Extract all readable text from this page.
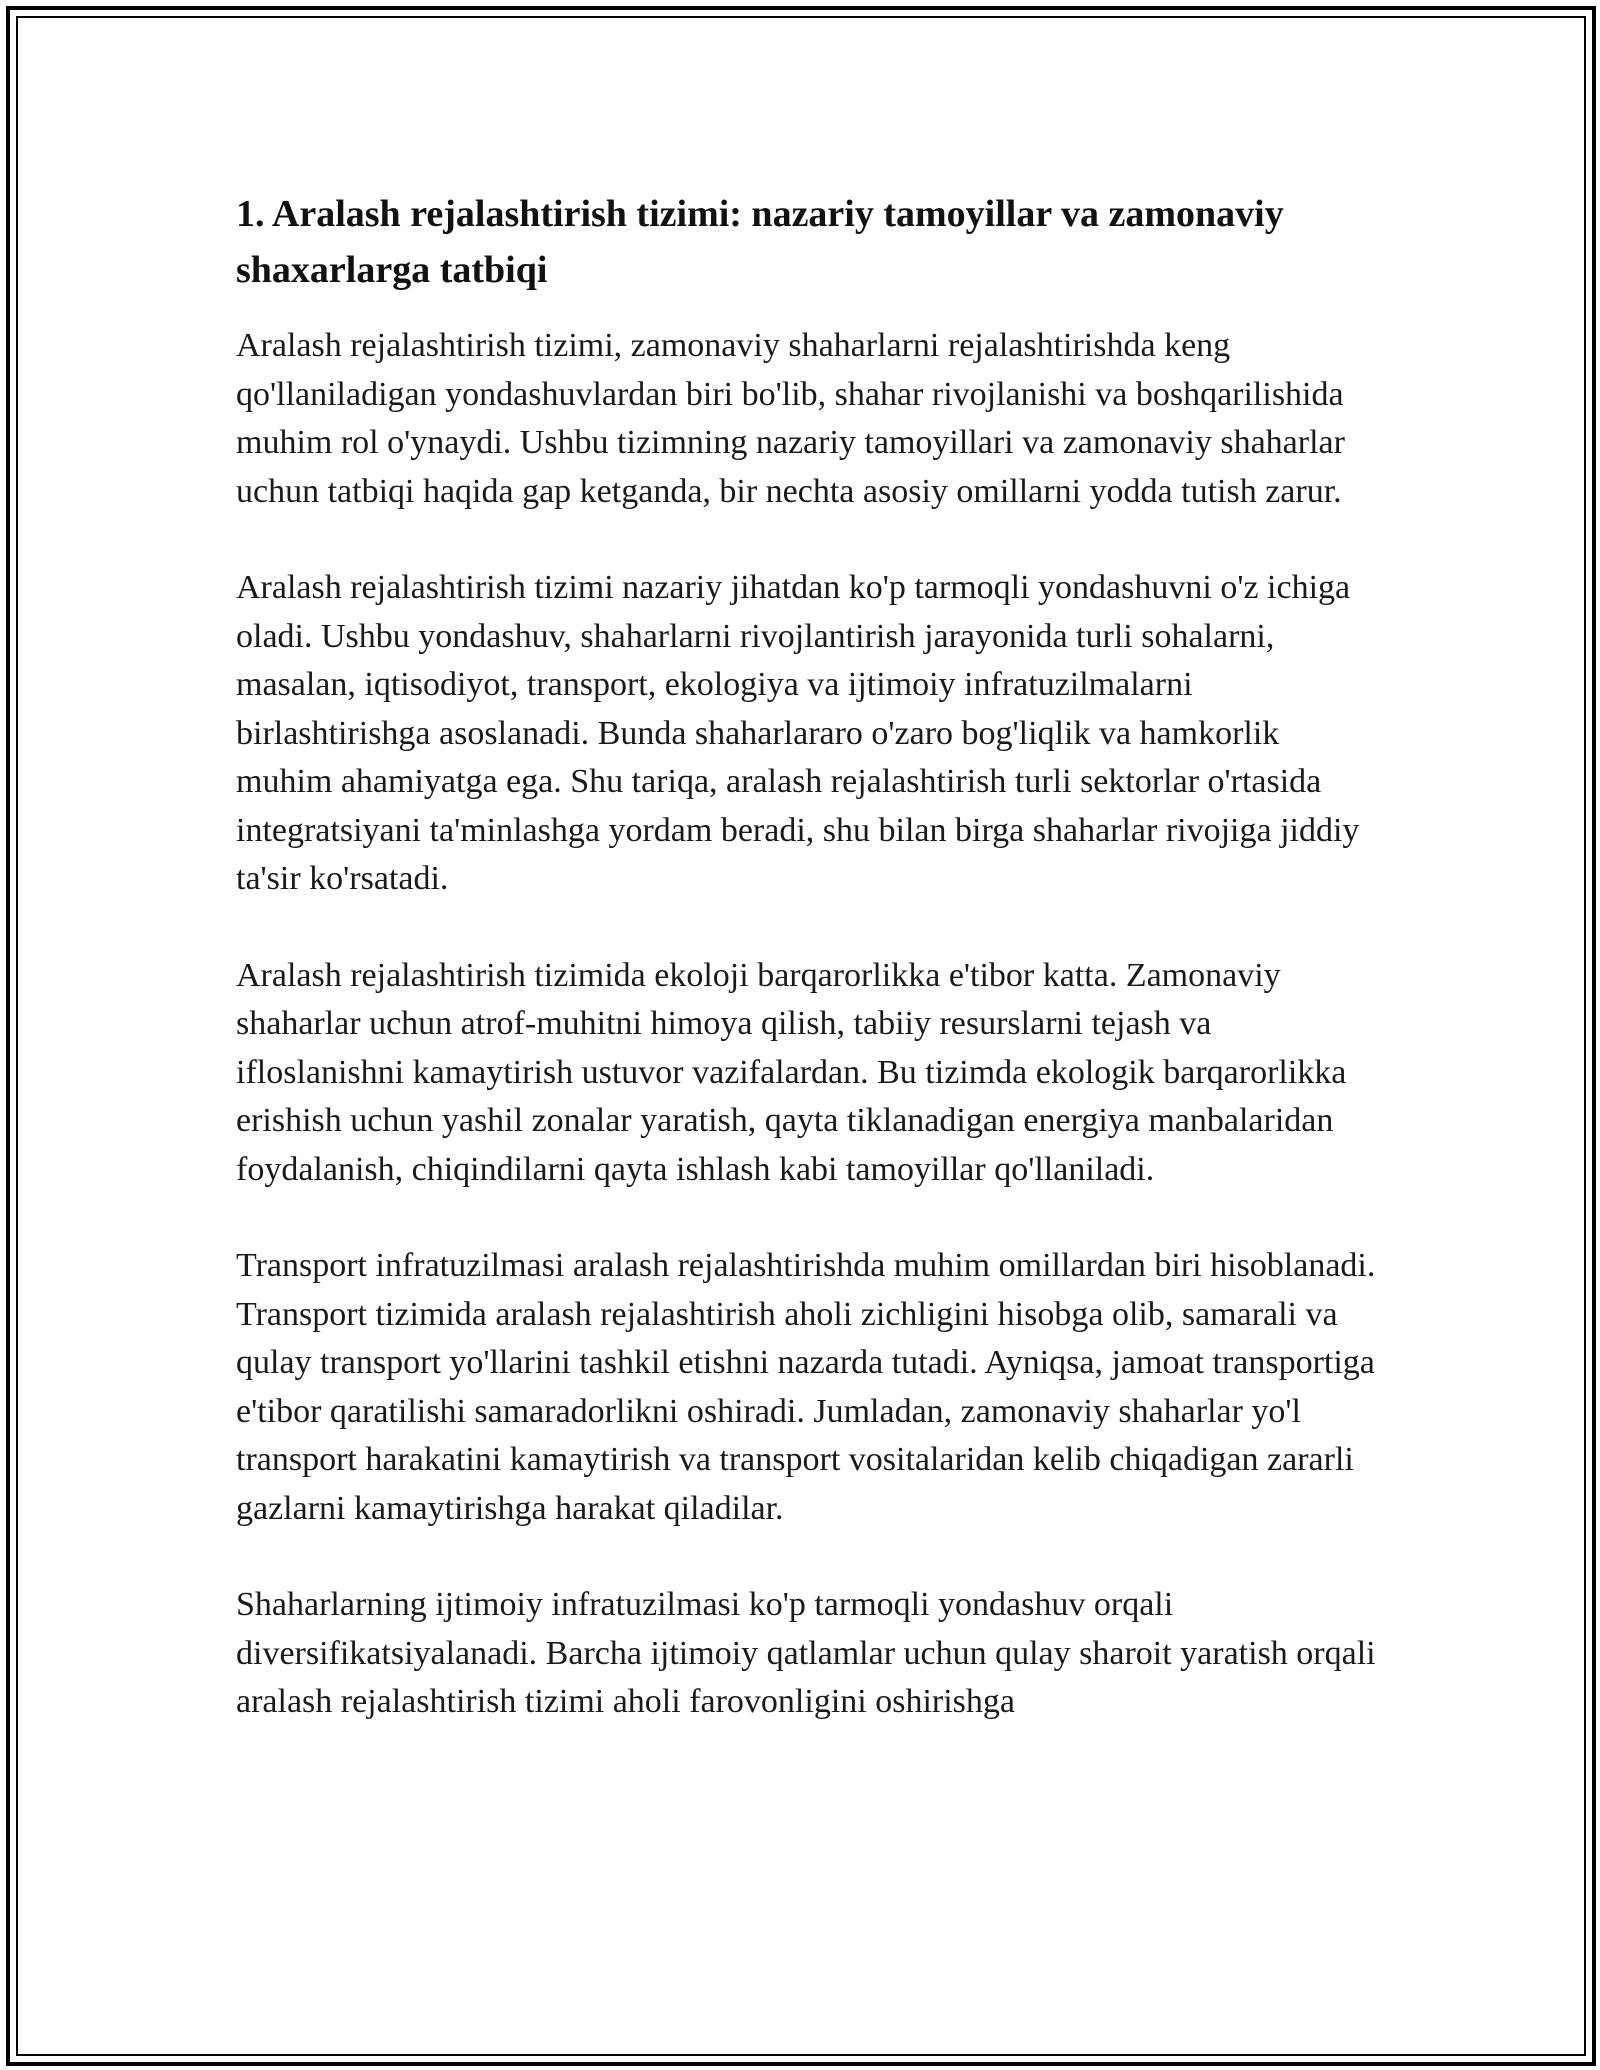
1. Aralash rejalashtirish tizimi: nazariy tamoyillar va zamonaviy shaxarlarga tatbiqi

Aralash rejalashtirish tizimi, zamonaviy shaharlarni rejalashtirishda keng qo'llaniladigan yondashuvlardan biri bo'lib, shahar rivojlanishi va boshqarilishida muhim rol o'ynaydi. Ushbu tizimning nazariy tamoyillari va zamonaviy shaharlar uchun tatbiqi haqida gap ketganda, bir nechta asosiy omillarni yodda tutish zarur.

Aralash rejalashtirish tizimi nazariy jihatdan ko'p tarmoqli yondashuvni o'z ichiga oladi. Ushbu yondashuv, shaharlarni rivojlantirish jarayonida turli sohalarni, masalan, iqtisodiyot, transport, ekologiya va ijtimoiy infratuzilmalarni birlashtirishga asoslanadi. Bunda shaharlararo o'zaro bog'liqlik va hamkorlik muhim ahamiyatga ega. Shu tariqa, aralash rejalashtirish turli sektorlar o'rtasida integratsiyani ta'minlashga yordam beradi, shu bilan birga shaharlar rivojiga jiddiy ta'sir ko'rsatadi.

Aralash rejalashtirish tizimida ekoloji barqarorlikka e'tibor katta. Zamonaviy shaharlar uchun atrof-muhitni himoya qilish, tabiiy resurslarni tejash va ifloslanishni kamaytirish ustuvor vazifalardan. Bu tizimda ekologik barqarorlikka erishish uchun yashil zonalar yaratish, qayta tiklanadigan energiya manbalaridan foydalanish, chiqindilarni qayta ishlash kabi tamoyillar qo'llaniladi.

Transport infratuzilmasi aralash rejalashtirishda muhim omillardan biri hisoblanadi. Transport tizimida aralash rejalashtirish aholi zichligini hisobga olib, samarali va qulay transport yo'llarini tashkil etishni nazarda tutadi. Ayniqsa, jamoat transportiga e'tibor qaratilishi samaradorlikni oshiradi. Jumladan, zamonaviy shaharlar yo'l transport harakatini kamaytirish va transport vositalaridan kelib chiqadigan zararli gazlarni kamaytirishga harakat qiladilar.

Shaharlarning ijtimoiy infratuzilmasi ko'p tarmoqli yondashuv orqali diversifikatsiyalanadi. Barcha ijtimoiy qatlamlar uchun qulay sharoit yaratish orqali aralash rejalashtirish tizimi aholi farovonligini oshirishga
